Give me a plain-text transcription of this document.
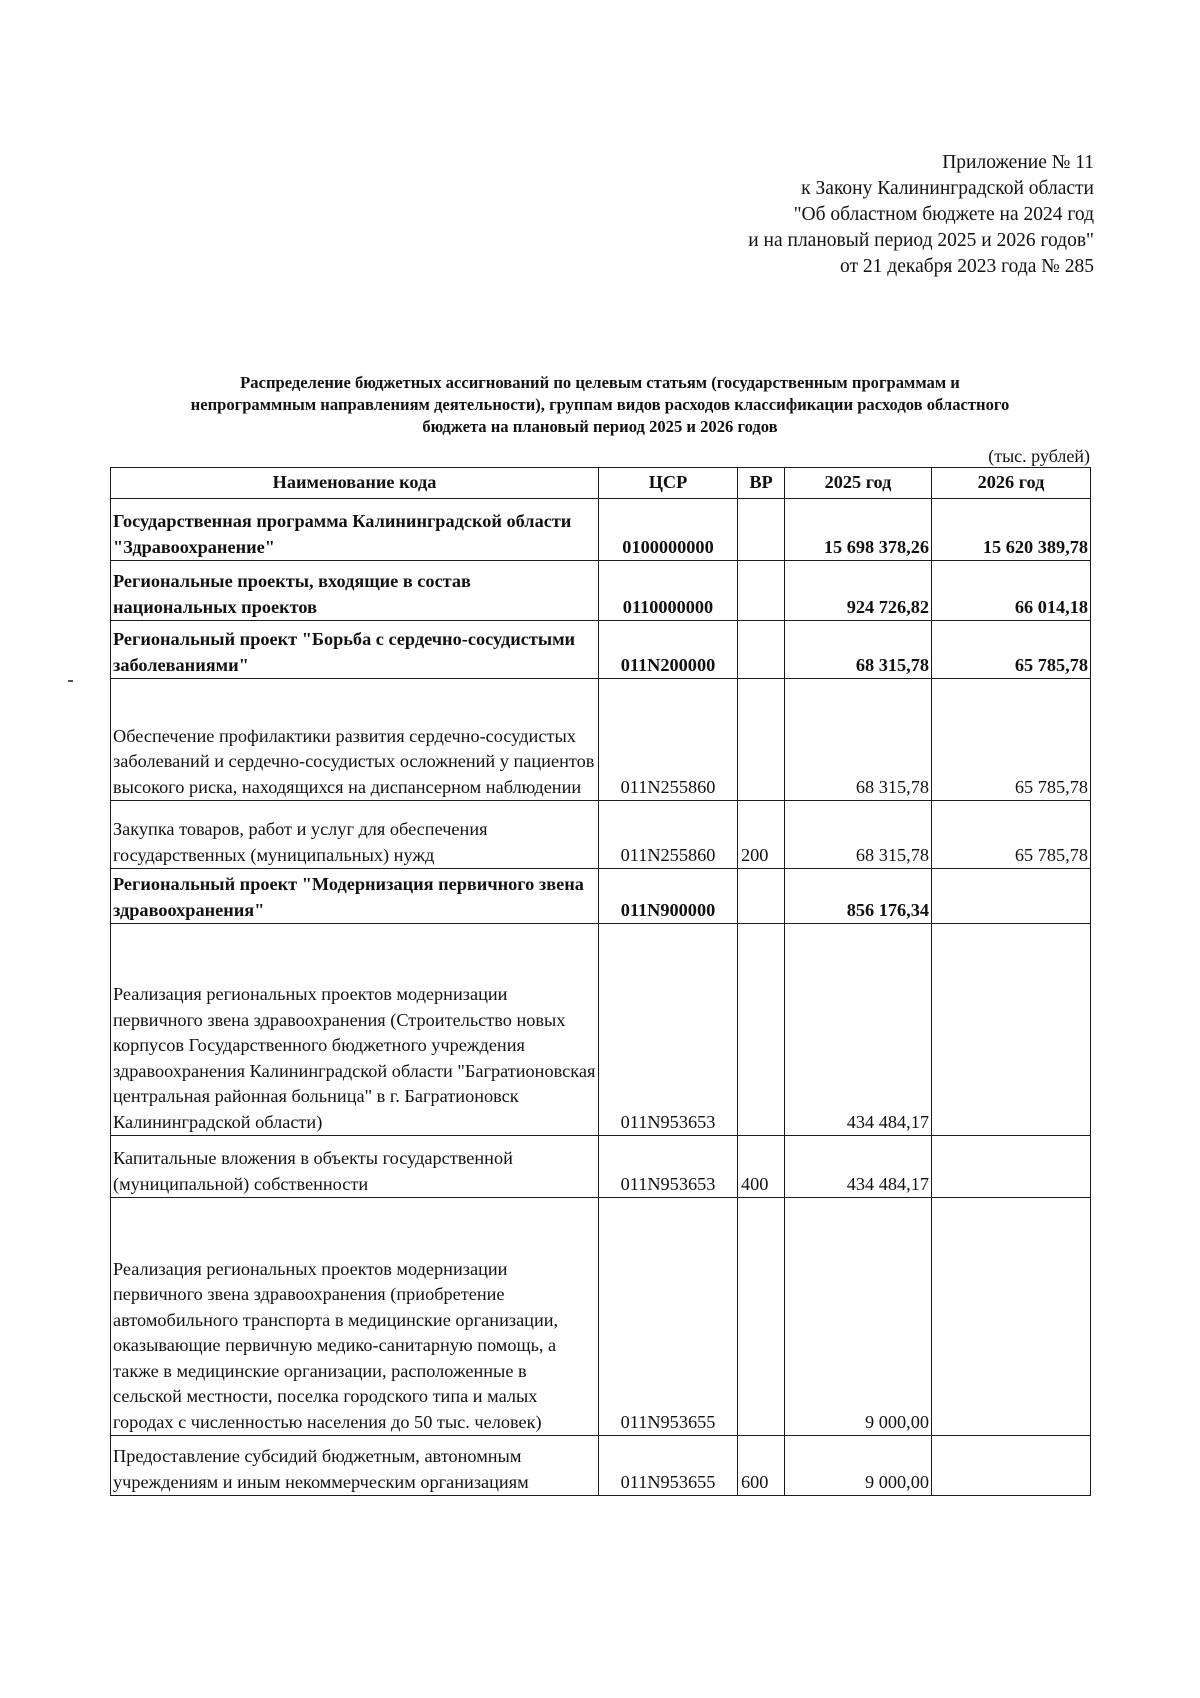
Приложение № 11
к Закону Калининградской области
"Об областном бюджете на 2024 год
и на плановый период 2025 и 2026 годов"
от 21 декабря 2023 года № 285
Распределение бюджетных ассигнований по целевым статьям (государственным программам и
непрограммным направлениям деятельности), группам видов расходов классификации расходов областного
бюджета на плановый период 2025 и 2026 годов
(тыс. рублей)
Наименование кода	ЦСР	ВР	2025 год	2026 год
Государственная программа Калининградской области "Здравоохранение"	0100000000		15 698 378,26	15 620 389,78
Региональные проекты, входящие в состав национальных проектов	0110000000		924 726,82	66 014,18
Региональный проект "Борьба с сердечно-сосудистыми заболеваниями"	011N200000		68 315,78	65 785,78
Обеспечение профилактики развития сердечно-сосудистых заболеваний и сердечно-сосудистых осложнений у пациентов высокого риска, находящихся на диспансерном наблюдении	011N255860		68 315,78	65 785,78
Закупка товаров, работ и услуг для обеспечения государственных (муниципальных) нужд	011N255860	200	68 315,78	65 785,78
Региональный проект "Модернизация первичного звена здравоохранения"	011N900000		856 176,34	
Реализация региональных проектов модернизации первичного звена здравоохранения (Строительство новых корпусов Государственного бюджетного учреждения здравоохранения Калининградской области "Багратионовская центральная районная больница" в г. Багратионовск Калининградской области)	011N953653		434 484,17	
Капитальные вложения в объекты государственной (муниципальной) собственности	011N953653	400	434 484,17	
Реализация региональных проектов модернизации первичного звена здравоохранения (приобретение автомобильного транспорта в медицинские организации, оказывающие первичную медико-санитарную помощь, а также в медицинские организации, расположенные в сельской местности, поселка городского типа и малых городах с численностью населения до 50 тыс. человек)	011N953655		9 000,00	
Предоставление субсидий бюджетным, автономным учреждениям и иным некоммерческим организациям	011N953655	600	9 000,00	
